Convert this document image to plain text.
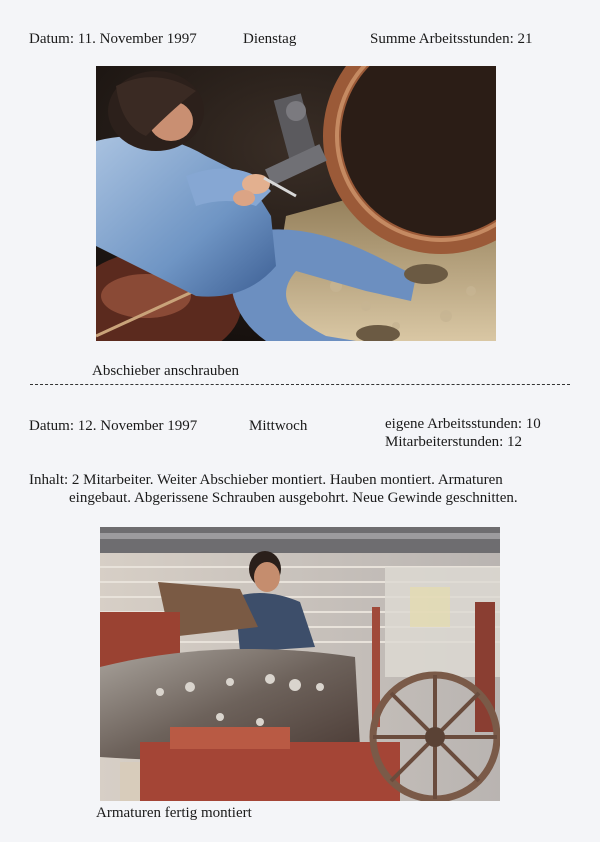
Datum: 11. November 1997	Dienstag	Summe Arbeitsstunden: 21
Abschieber anschrauben
Datum: 12. November 1997	Mittwoch	eigene Arbeitsstunden: 10
Mitarbeiterstunden: 12
Inhalt: 2 Mitarbeiter. Weiter Abschieber montiert. Hauben montiert. Armaturen
eingebaut. Abgerissene Schrauben ausgebohrt. Neue Gewinde geschnitten.
Armaturen fertig montiert
